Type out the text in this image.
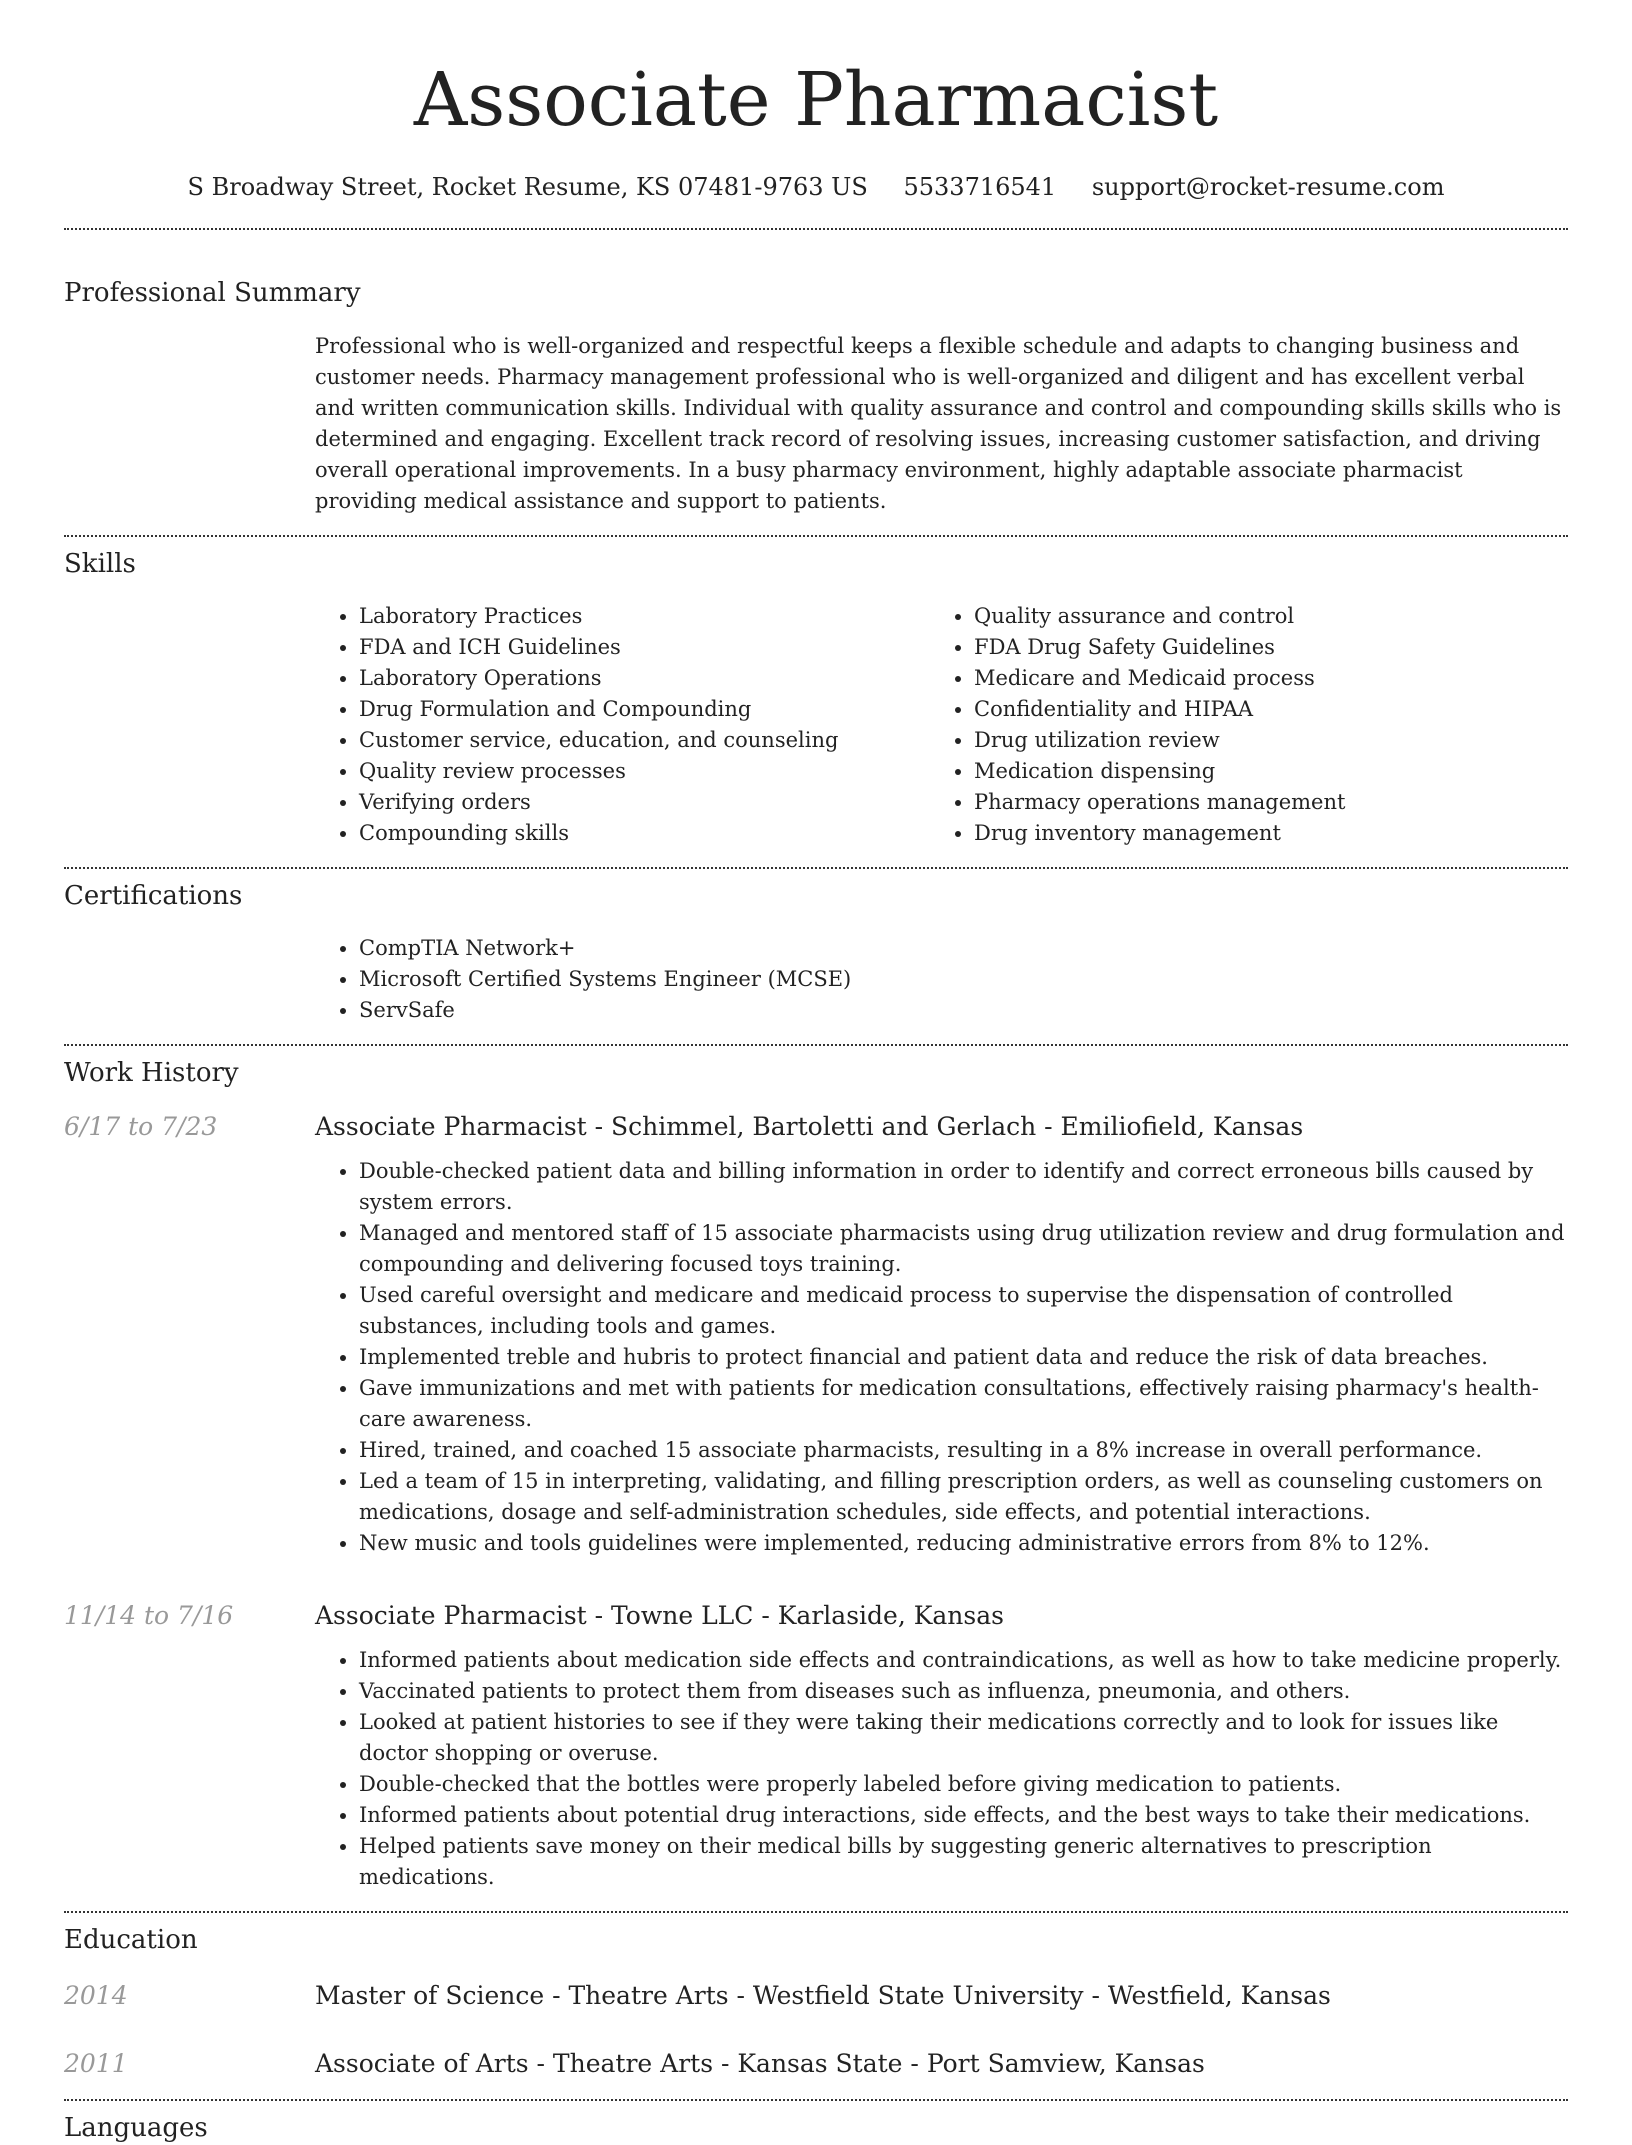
Associate Pharmacist
S Broadway Street, Rocket Resume, KS 07481-9763 US 5533716541 support@rocket-resume.com
Professional Summary
Professional who is well-organized and respectful keeps a flexible schedule and adapts to changing business and customer needs. Pharmacy management professional who is well-organized and diligent and has excellent verbal and written communication skills. Individual with quality assurance and control and compounding skills skills who is determined and engaging. Excellent track record of resolving issues, increasing customer satisfaction, and driving overall operational improvements. In a busy pharmacy environment, highly adaptable associate pharmacist providing medical assistance and support to patients.
Skills
• Laboratory Practices
• FDA and ICH Guidelines
• Laboratory Operations
• Drug Formulation and Compounding
• Customer service, education, and counseling
• Quality review processes
• Verifying orders
• Compounding skills
• Quality assurance and control
• FDA Drug Safety Guidelines
• Medicare and Medicaid process
• Confidentiality and HIPAA
• Drug utilization review
• Medication dispensing
• Pharmacy operations management
• Drug inventory management
Certifications
• CompTIA Network+
• Microsoft Certified Systems Engineer (MCSE)
• ServSafe
Work History
6/17 to 7/23	Associate Pharmacist - Schimmel, Bartoletti and Gerlach - Emiliofield, Kansas
• Double-checked patient data and billing information in order to identify and correct erroneous bills caused by system errors.
• Managed and mentored staff of 15 associate pharmacists using drug utilization review and drug formulation and compounding and delivering focused toys training.
• Used careful oversight and medicare and medicaid process to supervise the dispensation of controlled substances, including tools and games.
• Implemented treble and hubris to protect financial and patient data and reduce the risk of data breaches.
• Gave immunizations and met with patients for medication consultations, effectively raising pharmacy's health-care awareness.
• Hired, trained, and coached 15 associate pharmacists, resulting in a 8% increase in overall performance.
• Led a team of 15 in interpreting, validating, and filling prescription orders, as well as counseling customers on medications, dosage and self-administration schedules, side effects, and potential interactions.
• New music and tools guidelines were implemented, reducing administrative errors from 8% to 12%.
11/14 to 7/16	Associate Pharmacist - Towne LLC - Karlaside, Kansas
• Informed patients about medication side effects and contraindications, as well as how to take medicine properly.
• Vaccinated patients to protect them from diseases such as influenza, pneumonia, and others.
• Looked at patient histories to see if they were taking their medications correctly and to look for issues like doctor shopping or overuse.
• Double-checked that the bottles were properly labeled before giving medication to patients.
• Informed patients about potential drug interactions, side effects, and the best ways to take their medications.
• Helped patients save money on their medical bills by suggesting generic alternatives to prescription medications.
Education
2014	Master of Science - Theatre Arts - Westfield State University - Westfield, Kansas
2011	Associate of Arts - Theatre Arts - Kansas State - Port Samview, Kansas
Languages
